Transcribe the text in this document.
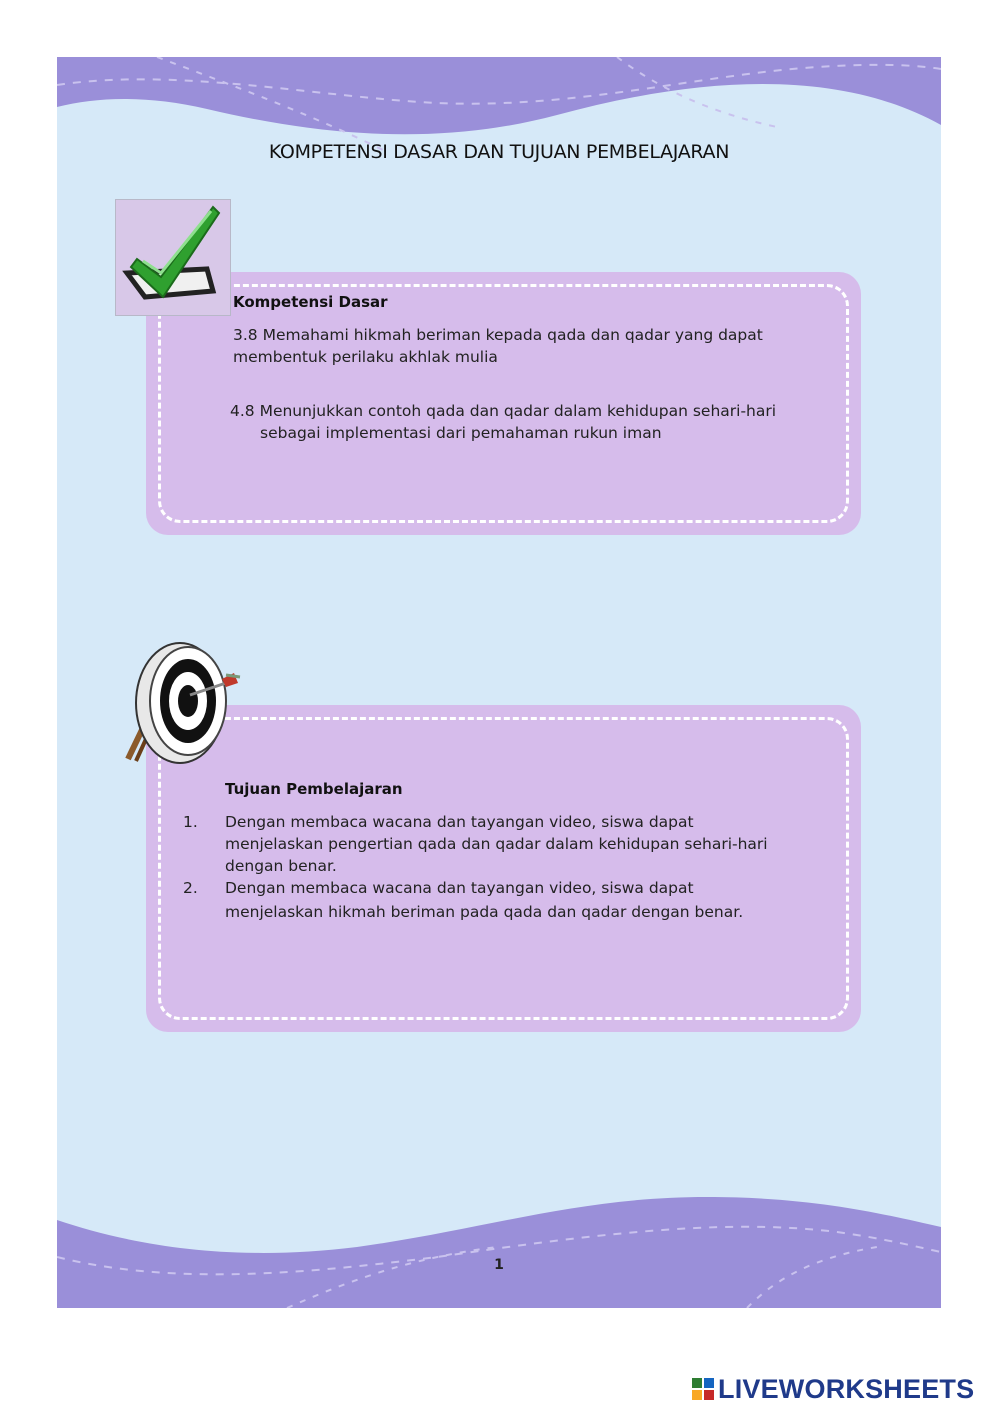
KOMPETENSI DASAR DAN TUJUAN PEMBELAJARAN
Kompetensi Dasar
3.8 Memahami hikmah beriman kepada qada dan qadar yang dapat
membentuk perilaku akhlak mulia
4.8 Menunjukkan contoh qada dan qadar dalam kehidupan sehari-hari
sebagai implementasi dari pemahaman rukun iman
Tujuan Pembelajaran
1. Dengan membaca wacana dan tayangan video, siswa dapat
menjelaskan pengertian qada dan qadar dalam kehidupan sehari-hari
dengan benar.
2. Dengan membaca wacana dan tayangan video, siswa dapat
menjelaskan hikmah beriman pada qada dan qadar dengan benar.
1
LIVEWORKSHEETS
